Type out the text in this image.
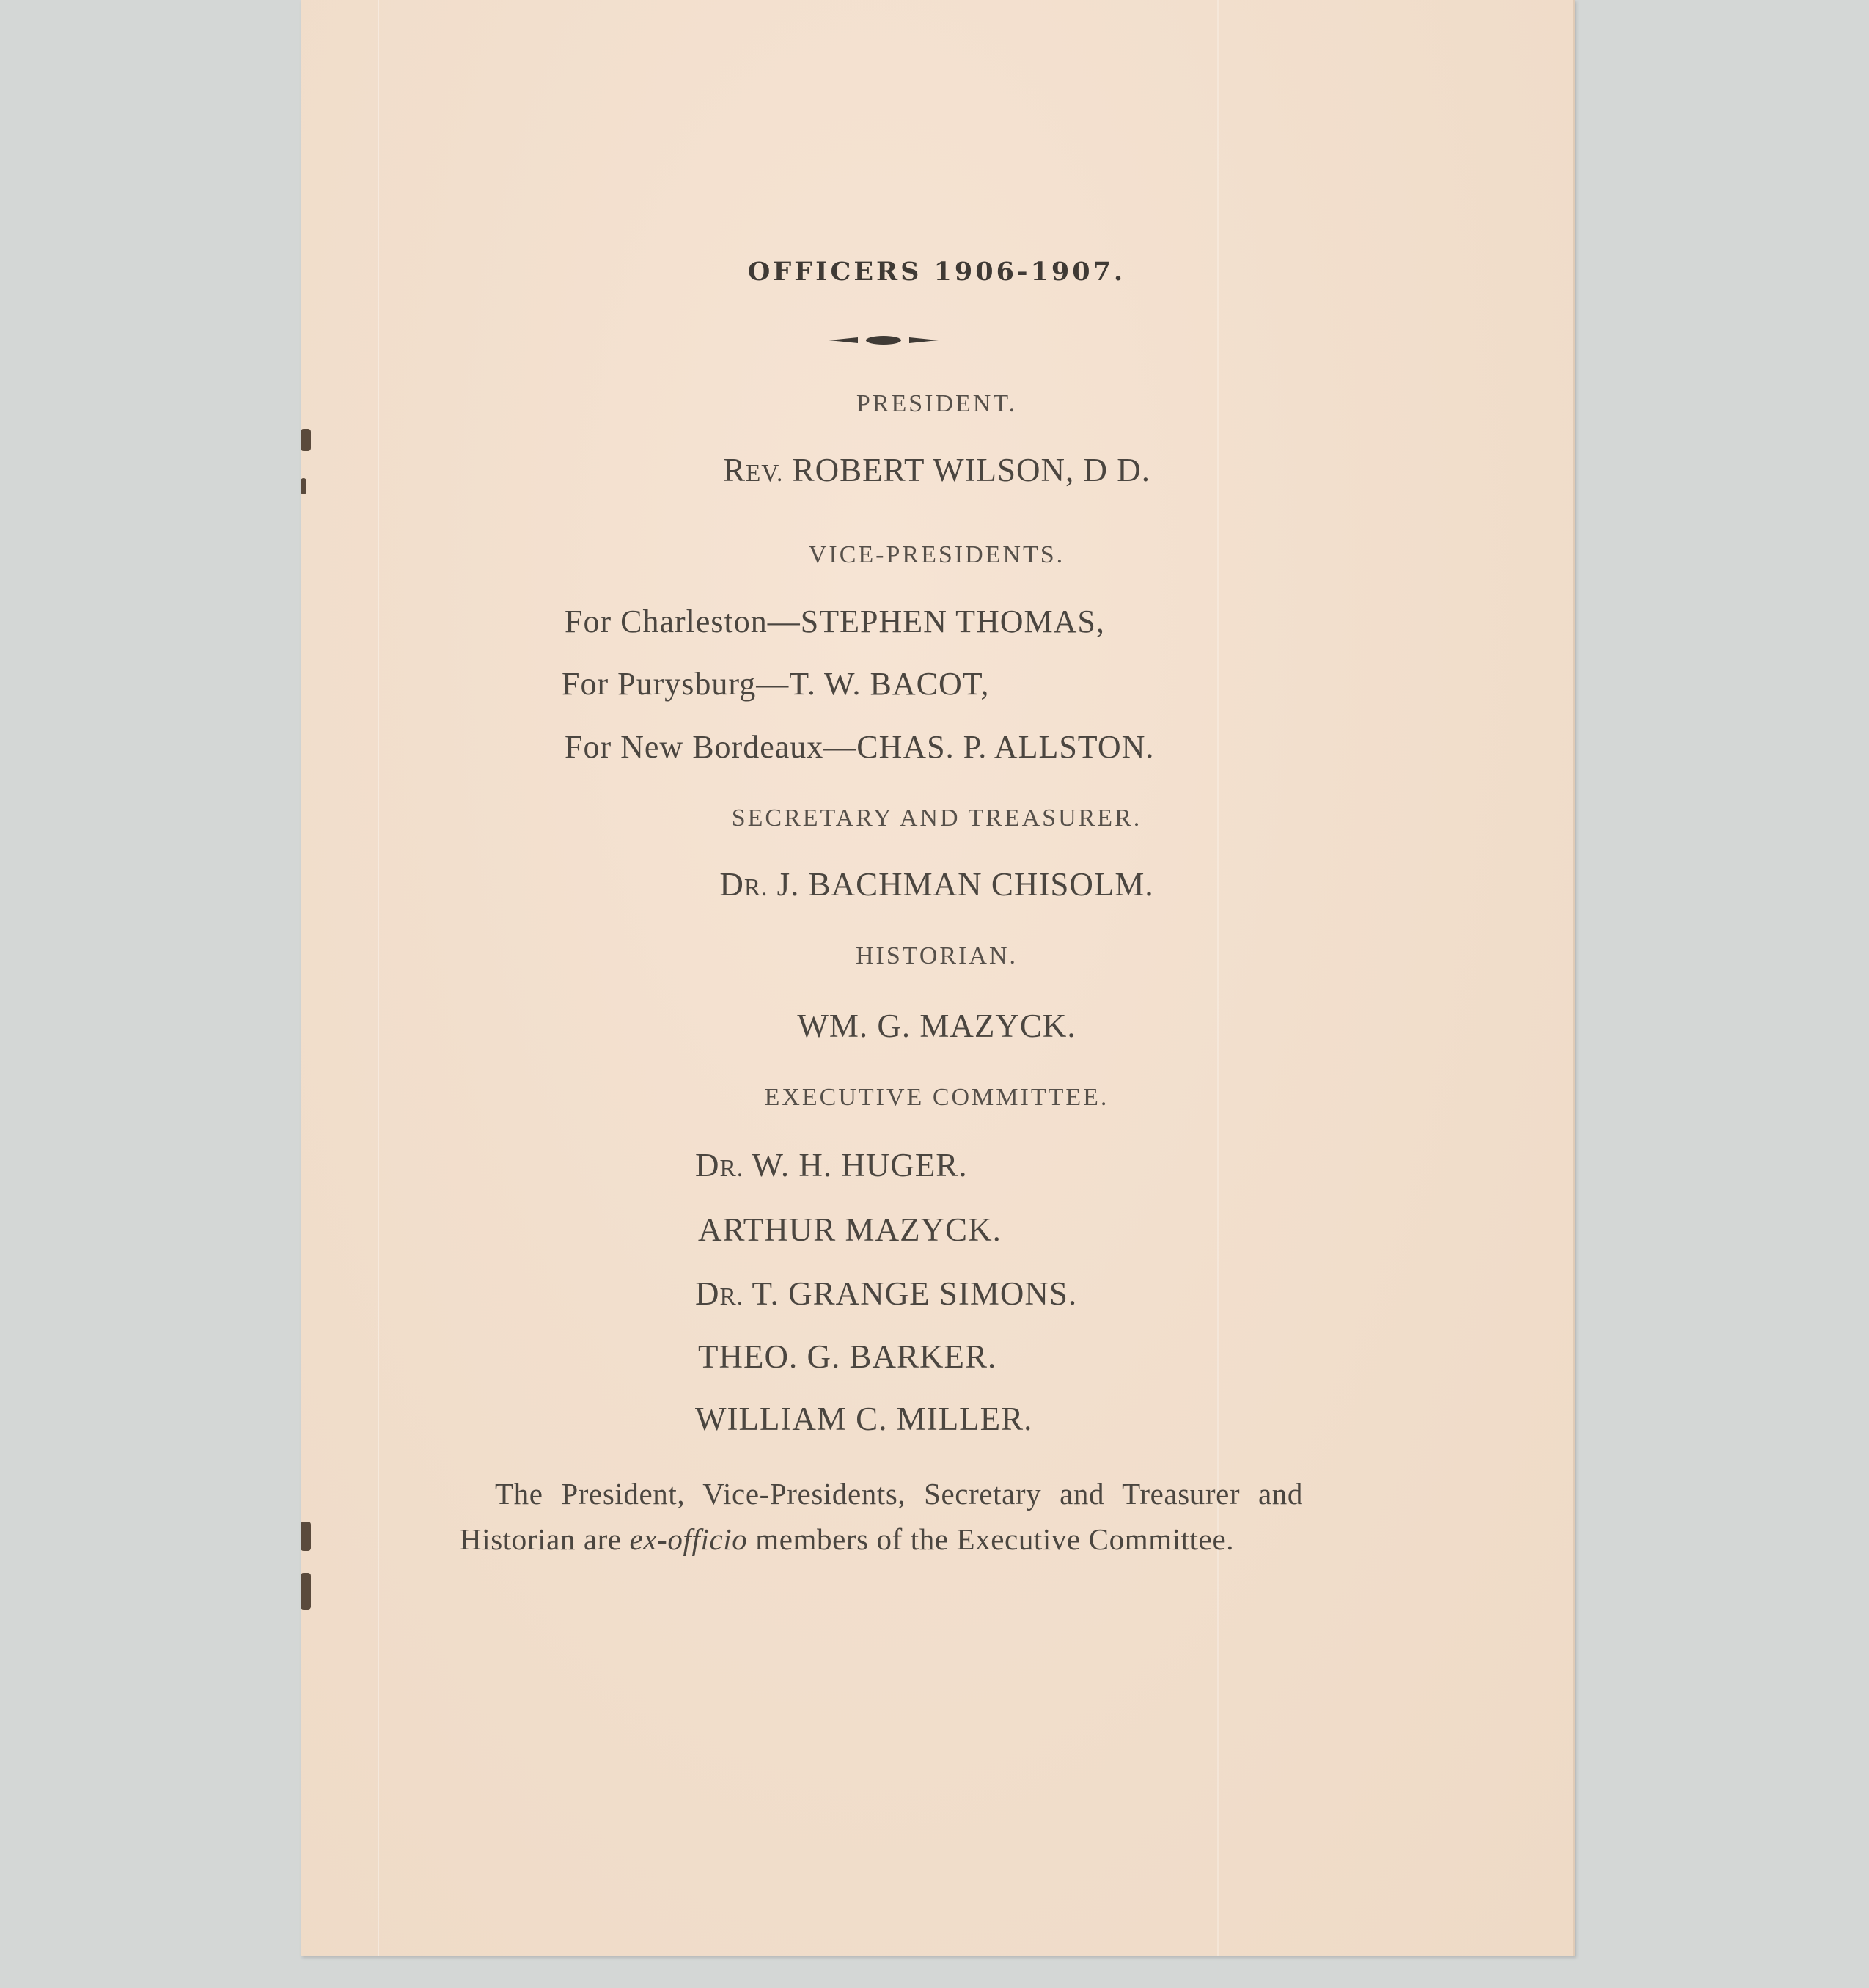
OFFICERS 1906-1907.
PRESIDENT.
REV. ROBERT WILSON, D D.
VICE-PRESIDENTS.
For Charleston—STEPHEN THOMAS,
For Purysburg—T. W. BACOT,
For New Bordeaux—CHAS. P. ALLSTON.
SECRETARY AND TREASURER.
DR. J. BACHMAN CHISOLM.
HISTORIAN.
WM. G. MAZYCK.
EXECUTIVE COMMITTEE.
DR. W. H. HUGER.
ARTHUR MAZYCK.
DR. T. GRANGE SIMONS.
THEO. G. BARKER.
WILLIAM C. MILLER.
The President, Vice-Presidents, Secretary and Treasurer and Historian are ex-officio members of the Executive Committee.
